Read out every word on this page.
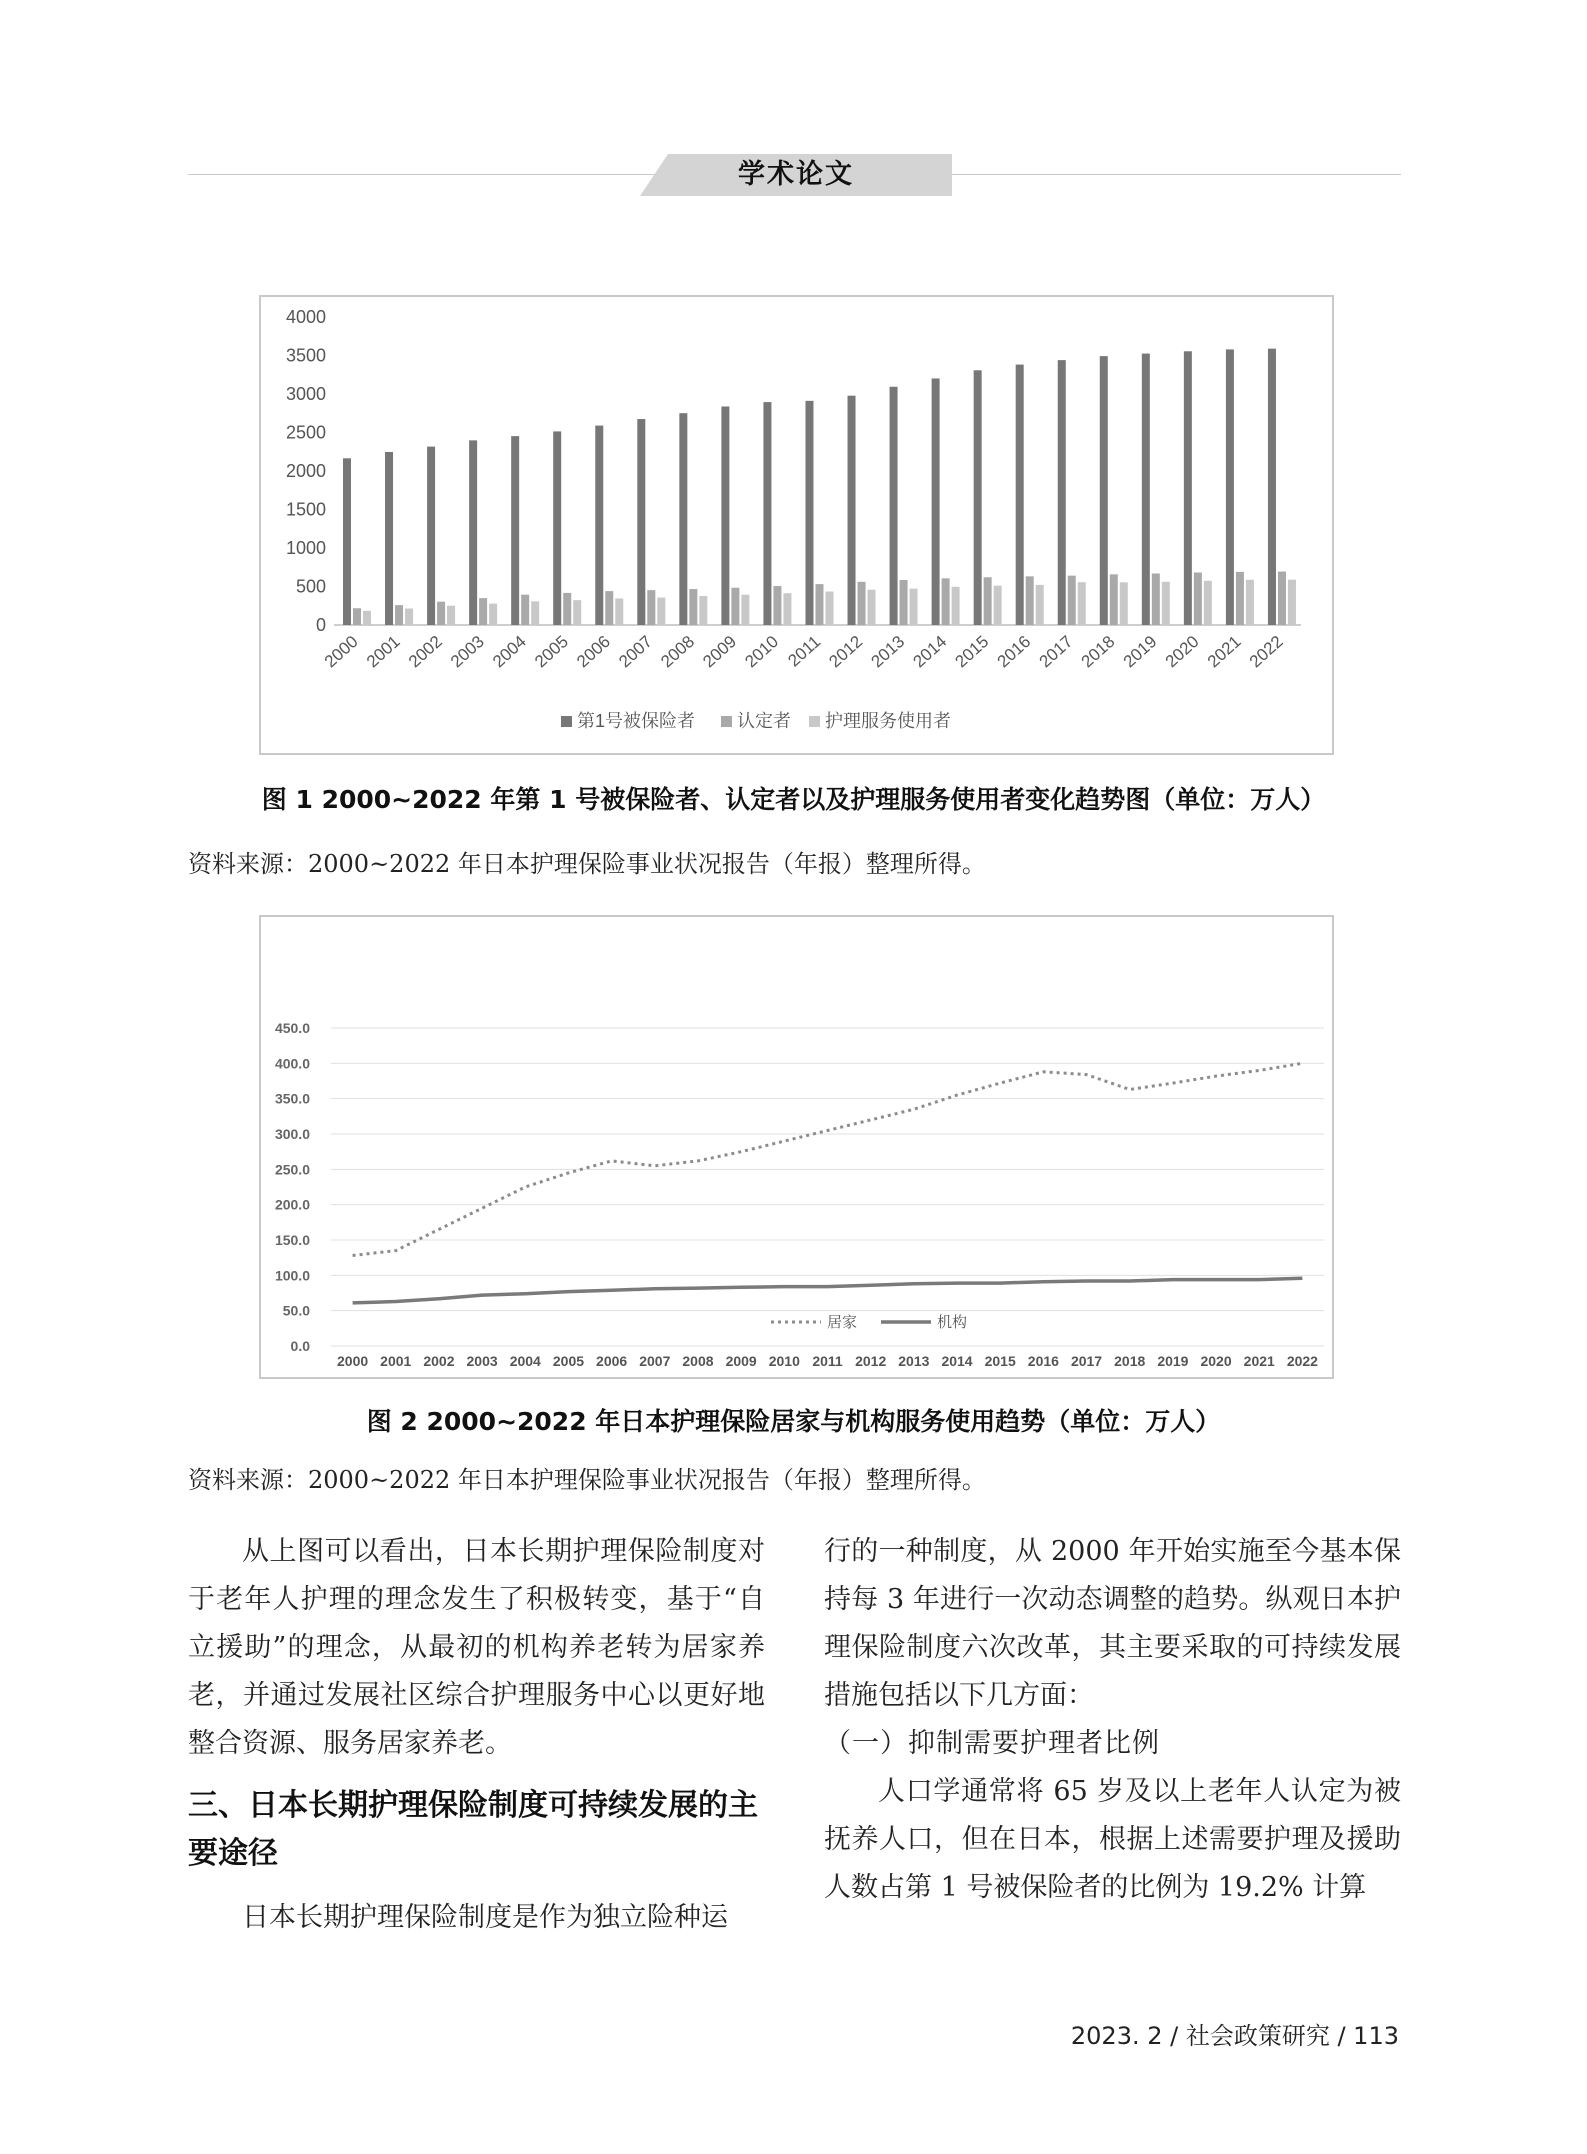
学术论文
4000
3500
3000
2500
2000
1500
1000
500
0
2000 2001 2002 2003 2004 2005 2006 2007 2008 2009 2010 2011 2012 2013 2014 2015 2016 2017 2018 2019 2020 2021 2022
第1号被保险者 认定者 护理服务使用者
图 1 2000~2022 年第 1 号被保险者、认定者以及护理服务使用者变化趋势图（单位：万人）
资料来源：2000~2022 年日本护理保险事业状况报告（年报）整理所得。
450.0
400.0
350.0
300.0
250.0
200.0
150.0
100.0
50.0
0.0
2000 2001 2002 2003 2004 2005 2006 2007 2008 2009 2010 2011 2012 2013 2014 2015 2016 2017 2018 2019 2020 2021 2022
居家	机构
图 2 2000~2022 年日本护理保险居家与机构服务使用趋势（单位：万人）
资料来源：2000~2022 年日本护理保险事业状况报告（年报）整理所得。

从上图可以看出，日本长期护理保险制度对于老年人护理的理念发生了积极转变，基于“自立援助”的理念，从最初的机构养老转为居家养老，并通过发展社区综合护理服务中心以更好地整合资源、服务居家养老。

三、日本长期护理保险制度可持续发展的主要途径

日本长期护理保险制度是作为独立险种运

行的一种制度，从 2000 年开始实施至今基本保持每 3 年进行一次动态调整的趋势。纵观日本护理保险制度六次改革，其主要采取的可持续发展措施包括以下几方面：

（一）抑制需要护理者比例

人口学通常将 65 岁及以上老年人认定为被抚养人口，但在日本，根据上述需要护理及援助人数占第 1 号被保险者的比例为 19.2% 计算

2023. 2 / 社会政策研究 / 113
